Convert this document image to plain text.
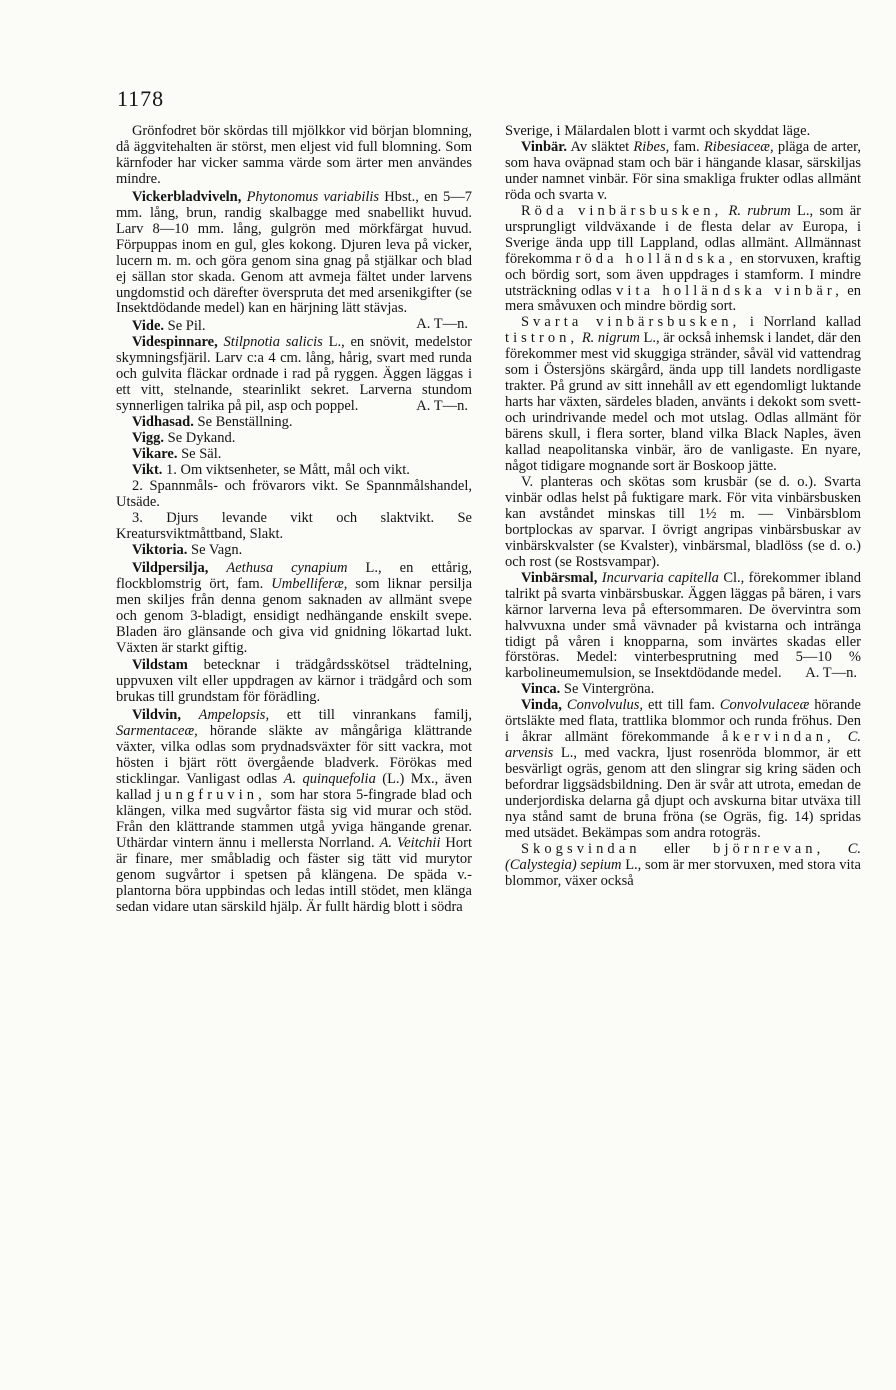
1178

Grönfodret bör skördas till mjölkkor vid början blomning, då äggvitehalten är störst, men eljest vid full blomning. Som kärnfoder har vicker samma värde som ärter men användes mindre.

Vickerbladviveln, Phytonomus variabilis Hbst., en 5—7 mm. lång, brun, randig skalbagge med snabellikt huvud. Larv 8—10 mm. lång, gulgrön med mörkfärgat huvud. Förpuppas inom en gul, gles kokong. Djuren leva på vicker, lucern m. m. och göra genom sina gnag på stjälkar och blad ej sällan stor skada. Genom att avmeja fältet under larvens ungdomstid och därefter överspruta det med arsenikgifter (se Insektdödande medel) kan en härjning lätt stävjas.
A. T—n.

Vide. Se Pil.

Videspinnare, Stilpnotia salicis L., en snövit, medelstor skymningsfjäril. Larv c:a 4 cm. lång, hårig, svart med runda och gulvita fläckar ordnade i rad på ryggen. Äggen läggas i ett vitt, stelnande, stearinlikt sekret. Larverna stundom synnerligen talrika på pil, asp och poppel.	A. T—n.

Vidhasad. Se Benställning.

Vigg. Se Dykand.

Vikare. Se Säl.

Vikt. 1. Om viktsenheter, se Mått, mål och vikt.

2. Spannmåls- och frövarors vikt. Se Spannmålshandel, Utsäde.

3. Djurs levande vikt och slaktvikt. Se Kreatursviktmåttband, Slakt.

Viktoria. Se Vagn.

Vildpersilja, Aethusa cynapium L., en ettårig, flockblomstrig ört, fam. Umbelliferæ, som liknar persilja men skiljes från denna genom saknaden av allmänt svepe och genom 3-bladigt, ensidigt nedhängande enskilt svepe. Bladen äro glänsande och giva vid gnidning lökartad lukt. Växten är starkt giftig.

Vildstam betecknar i trädgårdsskötsel trädtelning, uppvuxen vilt eller uppdragen av kärnor i trädgård och som brukas till grundstam för förädling.

Vildvin, Ampelopsis, ett till vinrankans familj, Sarmentaceæ, hörande släkte av mångåriga klättrande växter, vilka odlas som prydnadsväxter för sitt vackra, mot hösten i bjärt rött övergående bladverk. Förökas med sticklingar. Vanligast odlas A. quinquefolia (L.) Mx., även kallad jungfruvin, som har stora 5-fingrade blad och klängen, vilka med sugvårtor fästa sig vid murar och stöd. Från den klättrande stammen utgå yviga hängande grenar. Uthärdar vintern ännu i mellersta Norrland. A. Veitchii Hort är finare, mer småbladig och fäster sig tätt vid murytor genom sugvårtor i spetsen på klängena. De späda v.-plantorna böra uppbindas och ledas intill stödet, men klänga sedan vidare utan särskild hjälp. Är fullt härdig blott i södra

Sverige, i Mälardalen blott i varmt och skyddat läge.

Vinbär. Av släktet Ribes, fam. Ribesiaceæ, pläga de arter, som hava oväpnad stam och bär i hängande klasar, särskiljas under namnet vinbär. För sina smakliga frukter odlas allmänt röda och svarta v.

Röda vinbärsbusken, R. rubrum L., som är ursprungligt vildväxande i de flesta delar av Europa, i Sverige ända upp till Lappland, odlas allmänt. Allmännast förekomma röda holländska, en storvuxen, kraftig och bördig sort, som även uppdrages i stamform. I mindre utsträckning odlas vita holländska vinbär, en mera småvuxen och mindre bördig sort.

Svarta vinbärsbusken, i Norrland kallad tistron, R. nigrum L., är också inhemsk i landet, där den förekommer mest vid skuggiga stränder, såväl vid vattendrag som i Östersjöns skärgård, ända upp till landets nordligaste trakter. På grund av sitt innehåll av ett egendomligt luktande harts har växten, särdeles bladen, använts i dekokt som svett- och urindrivande medel och mot utslag. Odlas allmänt för bärens skull, i flera sorter, bland vilka Black Naples, även kallad neapolitanska vinbär, äro de vanligaste. En nyare, något tidigare mognande sort är Boskoop jätte.

V. planteras och skötas som krusbär (se d. o.). Svarta vinbär odlas helst på fuktigare mark. För vita vinbärsbusken kan avståndet minskas till 1½ m. — Vinbärsblom bortplockas av sparvar. I övrigt angripas vinbärsbuskar av vinbärskvalster (se Kvalster), vinbärsmal, bladlöss (se d. o.) och rost (se Rostsvampar).

Vinbärsmal, Incurvaria capitella Cl., förekommer ibland talrikt på svarta vinbärsbuskar. Äggen läggas på bären, i vars kärnor larverna leva på eftersommaren. De övervintra som halvvuxna under små vävnader på kvistarna och intränga tidigt på våren i knopparna, som invärtes skadas eller förstöras. Medel: vinterbesprutning med 5—10 % karbolineumemulsion, se Insektdödande medel.	A. T—n.

Vinca. Se Vintergröna.

Vinda, Convolvulus, ett till fam. Convolvulaceæ hörande örtsläkte med flata, trattlika blommor och runda fröhus. Den i åkrar allmänt förekommande åkervindan, C. arvensis L., med vackra, ljust rosenröda blommor, är ett besvärligt ogräs, genom att den slingrar sig kring säden och befordrar liggsädsbildning. Den är svår att utrota, emedan de underjordiska delarna gå djupt och avskurna bitar utväxa till nya stånd samt de bruna fröna (se Ogräs, fig. 14) spridas med utsädet. Bekämpas som andra rotogräs.

Skogsvindan eller björnrevan, C. (Calystegia) sepium L., som är mer storvuxen, med stora vita blommor, växer också
